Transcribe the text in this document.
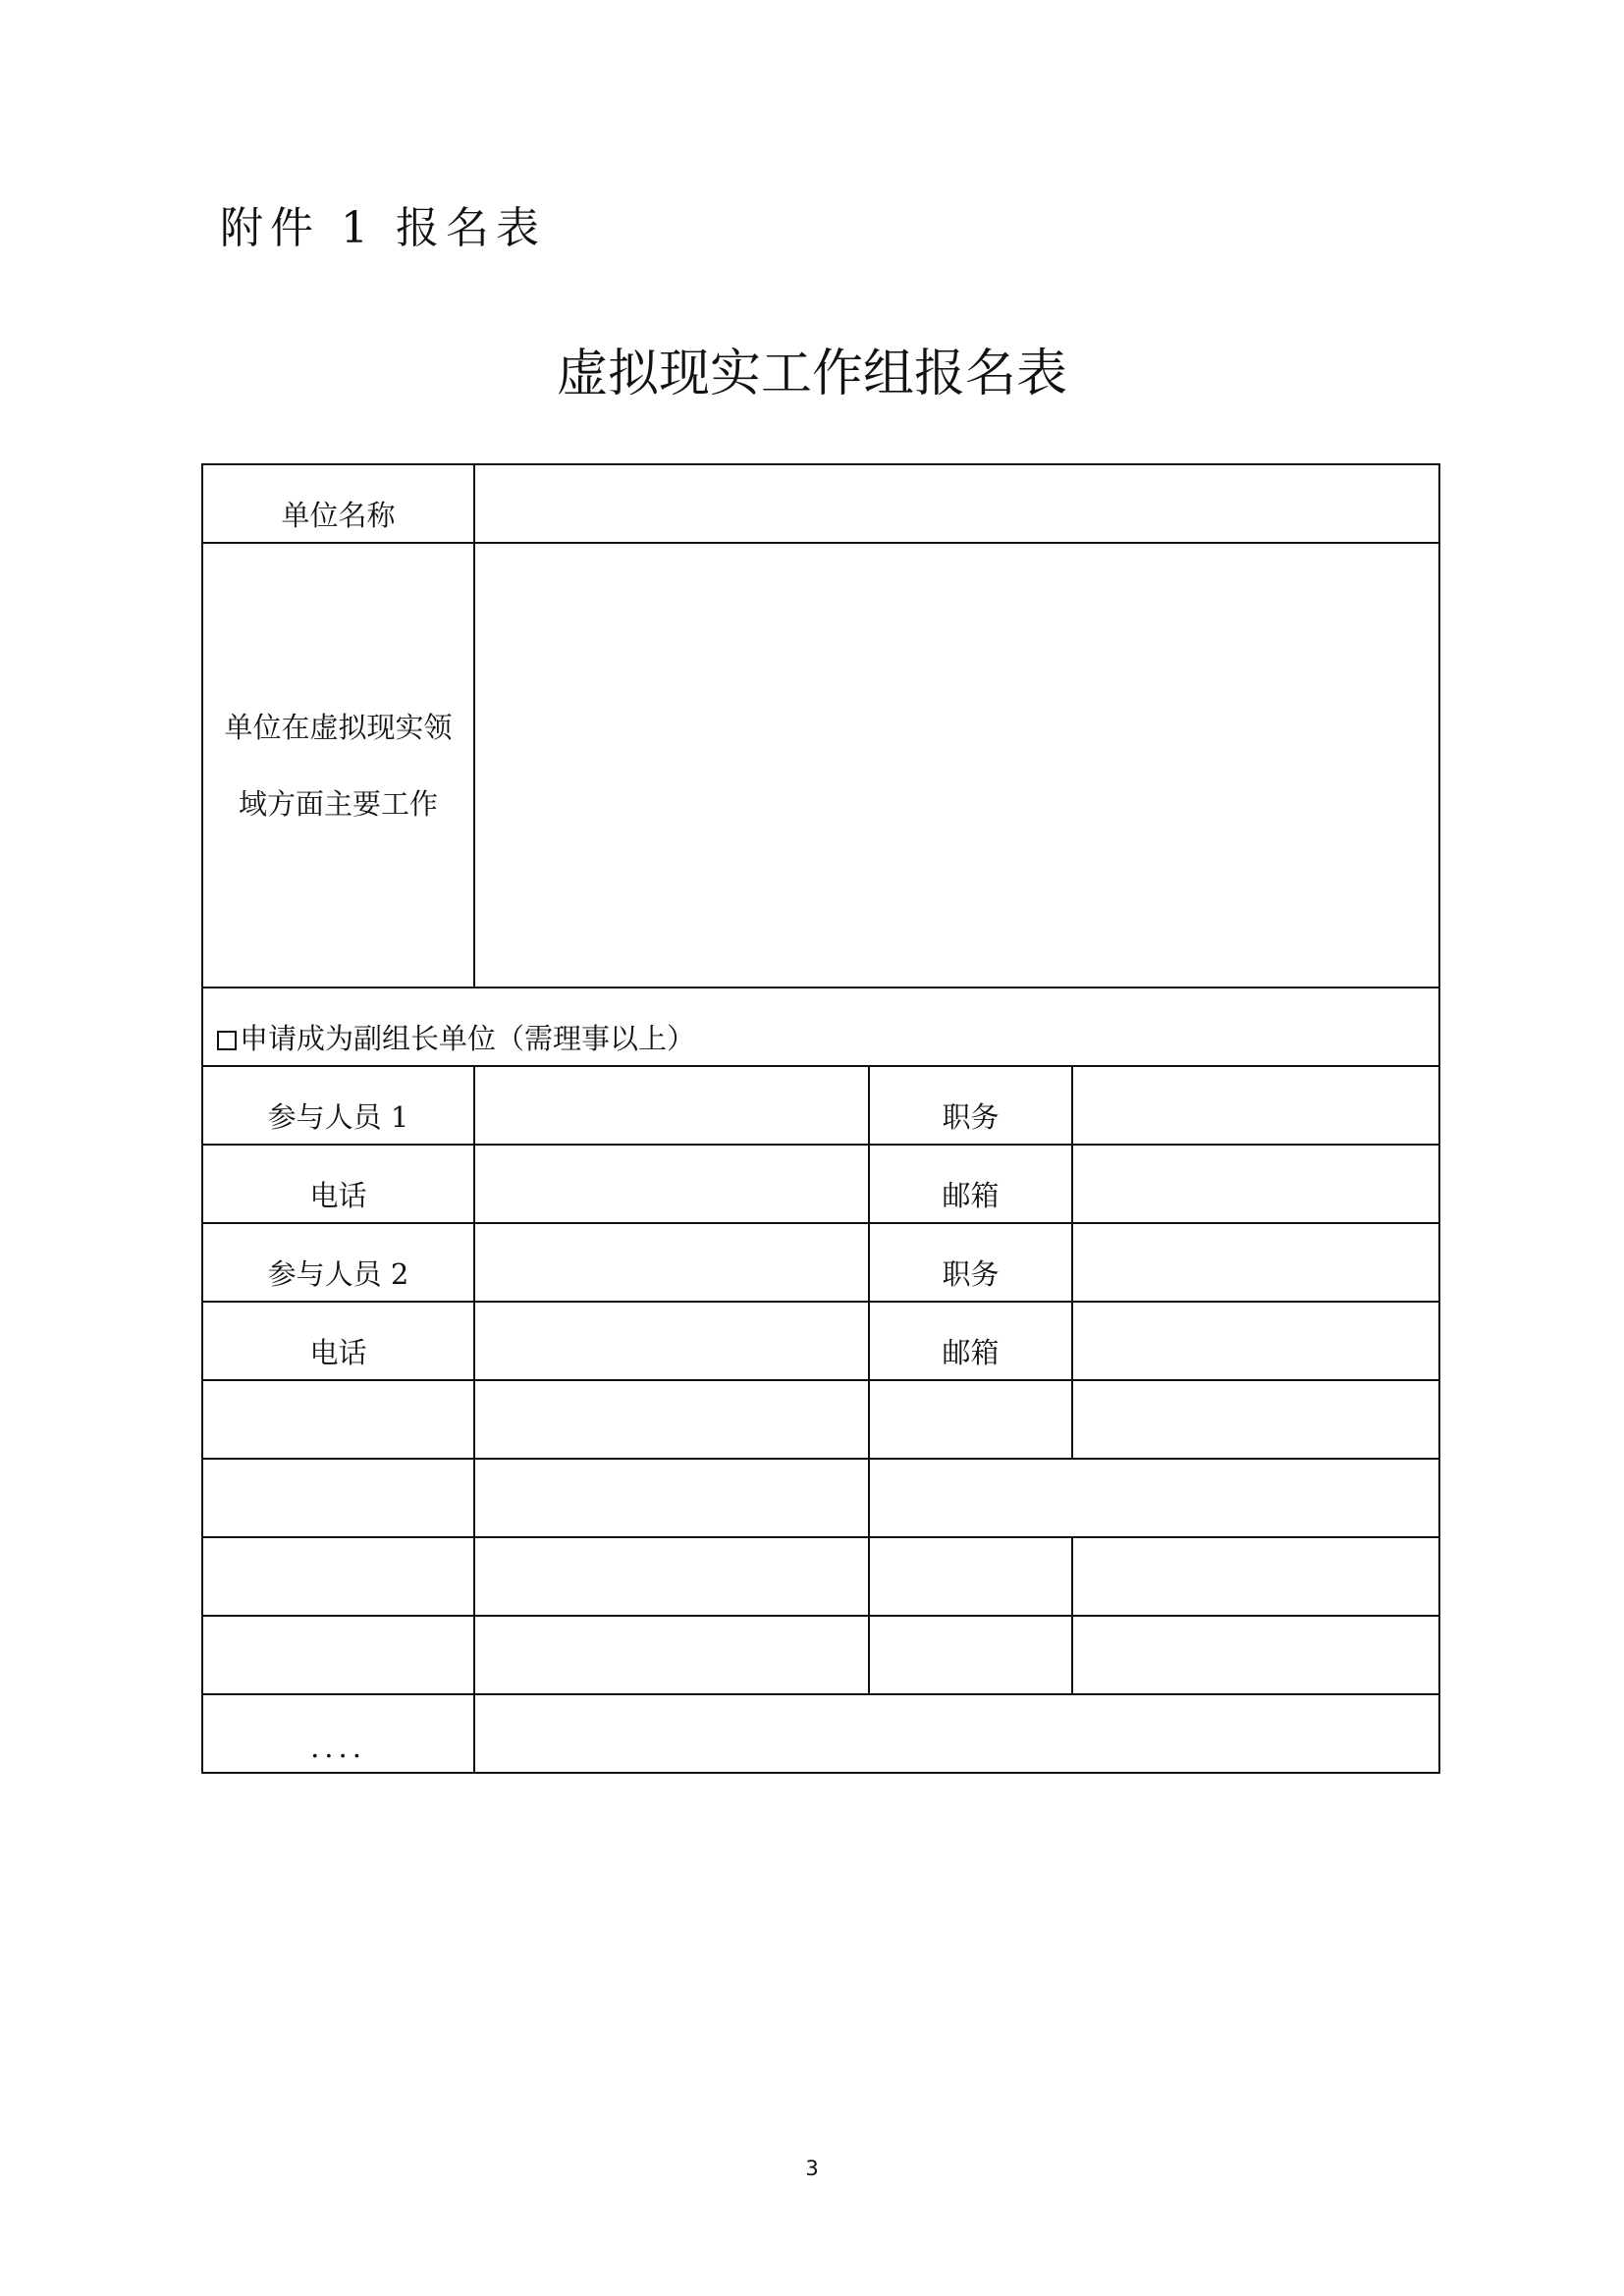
附件 1 报名表
虚拟现实工作组报名表
单位名称			

单位在虚拟现实领
域方面主要工作			

申请成为副组长单位（需理事以上）			
参与人员 1		职务	
电话		邮箱	
参与人员 2		职务	
电话		邮箱	

....			
3
